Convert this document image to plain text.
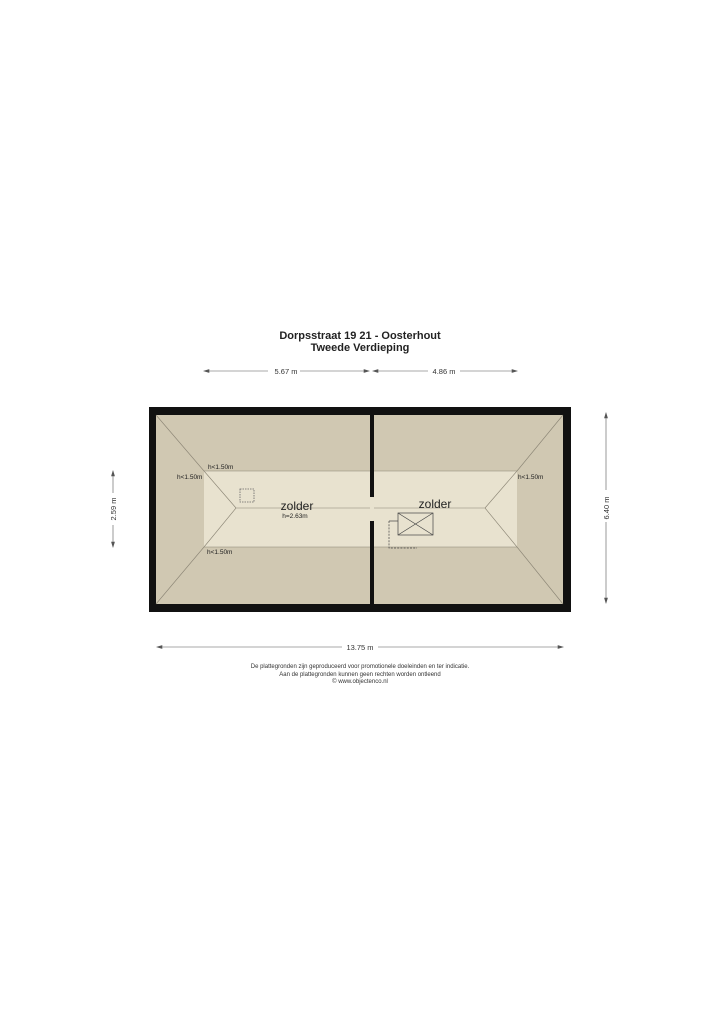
Dorpsstraat 19 21 - Oosterhout
Tweede Verdieping
5.67 m	4.86 m
2.59 m	6.40 m
13.75 m
zolder
h=2.63m
zolder
h<1.50m
h<1.50m
h<1.50m
h<1.50m
De plattegronden zijn geproduceerd voor promotionele doeleinden en ter indicatie.
Aan de plattegronden kunnen geen rechten worden ontleend
© www.objectenco.nl
